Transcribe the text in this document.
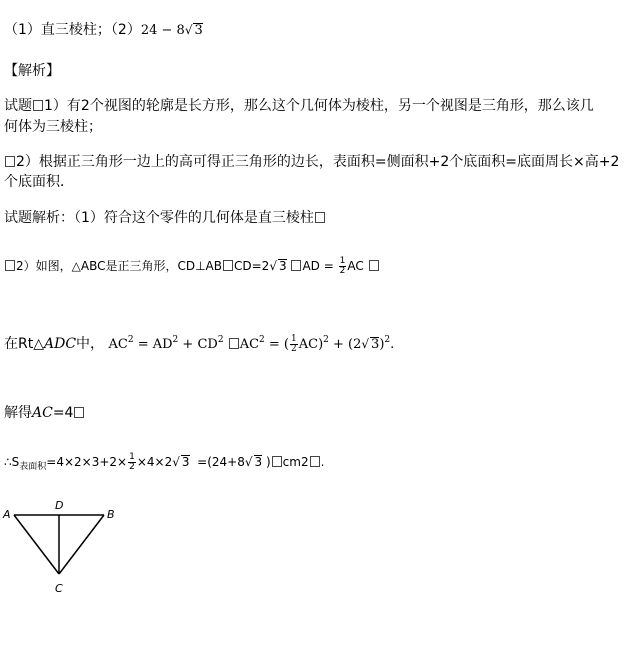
（1）直三棱柱；（2）24 − 8√ 3
【解析】
试题 1）有2个视图的轮廓是长方形，那么这个几何体为棱柱，另一个视图是三角形，那么该几
何体为三棱柱；
2）根据正三角形一边上的高可得正三角形的边长，表面积=侧面积+2个底面积=底面周长×高+2
个底面积．
试题解析：（1）符合这个零件的几何体是直三棱柱
2）如图，△ABC是正三角形，CD⊥AB CD=2√ 3 AD = $\frac{1}{2}$ AC
在Rt△ADC中， $AC^2 = AD^2 + CD^2$ $AC^2$ = ( $\frac{1}{2} AC)^2 + (2√$ 3)$^2$.
解得AC=4
$\therefore S_{表面积}=4\times 2\times 3+2\times \frac{1}{2} \times 4\times 2√$ 3 =(24+8√ 3 ) cm2 .
A	B
D
C
